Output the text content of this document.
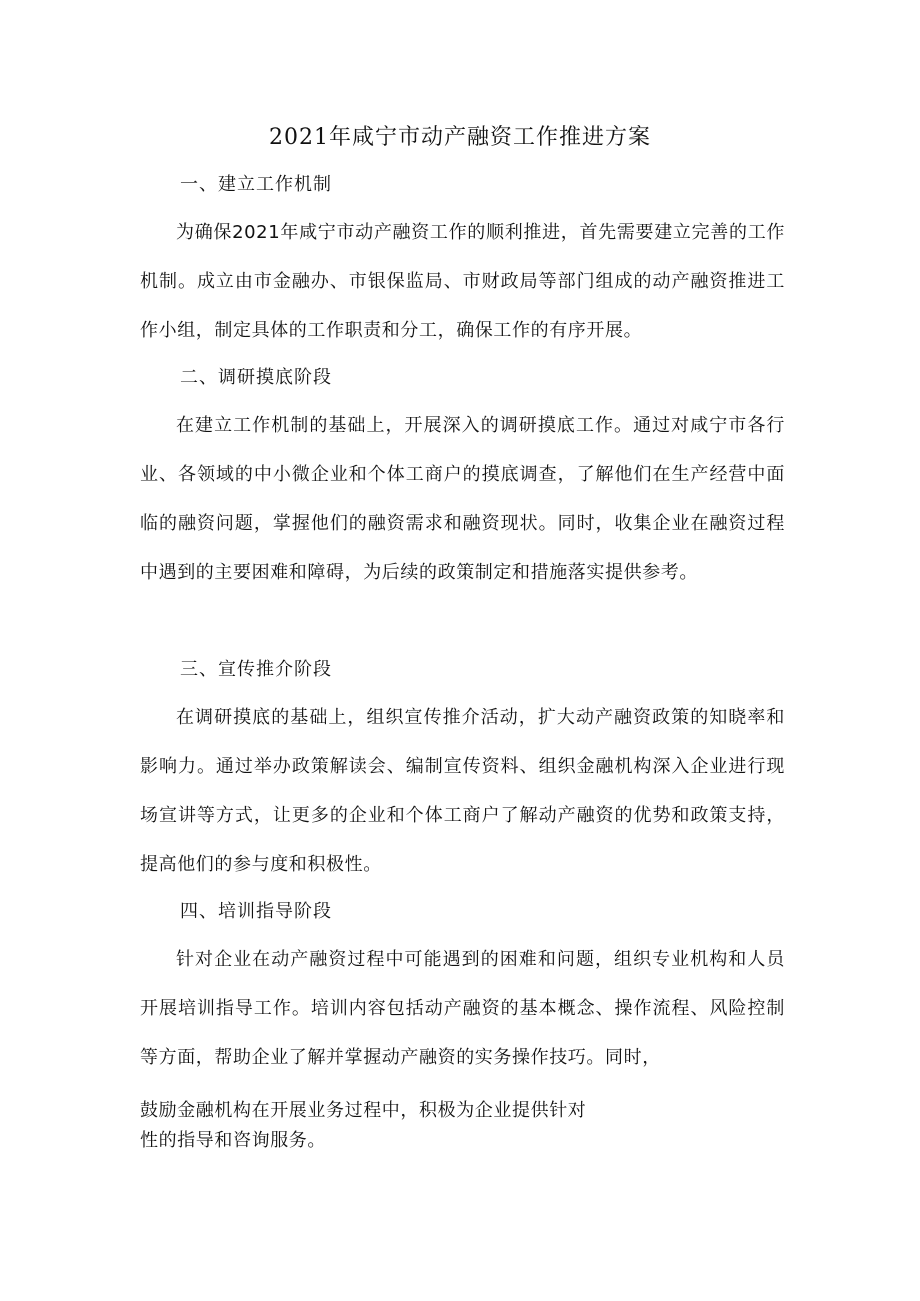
2021年咸宁市动产融资工作推进方案
一、建立工作机制

为确保2021年咸宁市动产融资工作的顺利推进，首先需要建立完善的工作机制。成立由市金融办、市银保监局、市财政局等部门组成的动产融资推进工作小组，制定具体的工作职责和分工，确保工作的有序开展。

二、调研摸底阶段

在建立工作机制的基础上，开展深入的调研摸底工作。通过对咸宁市各行业、各领域的中小微企业和个体工商户的摸底调查，了解他们在生产经营中面临的融资问题，掌握他们的融资需求和融资现状。同时，收集企业在融资过程中遇到的主要困难和障碍，为后续的政策制定和措施落实提供参考。

三、宣传推介阶段

在调研摸底的基础上，组织宣传推介活动，扩大动产融资政策的知晓率和影响力。通过举办政策解读会、编制宣传资料、组织金融机构深入企业进行现场宣讲等方式，让更多的企业和个体工商户了解动产融资的优势和政策支持，提高他们的参与度和积极性。

四、培训指导阶段

针对企业在动产融资过程中可能遇到的困难和问题，组织专业机构和人员开展培训指导工作。培训内容包括动产融资的基本概念、操作流程、风险控制等方面，帮助企业了解并掌握动产融资的实务操作技巧。同时，

鼓励金融机构在开展业务过程中，积极为企业提供针对

性的指导和咨询服务。
